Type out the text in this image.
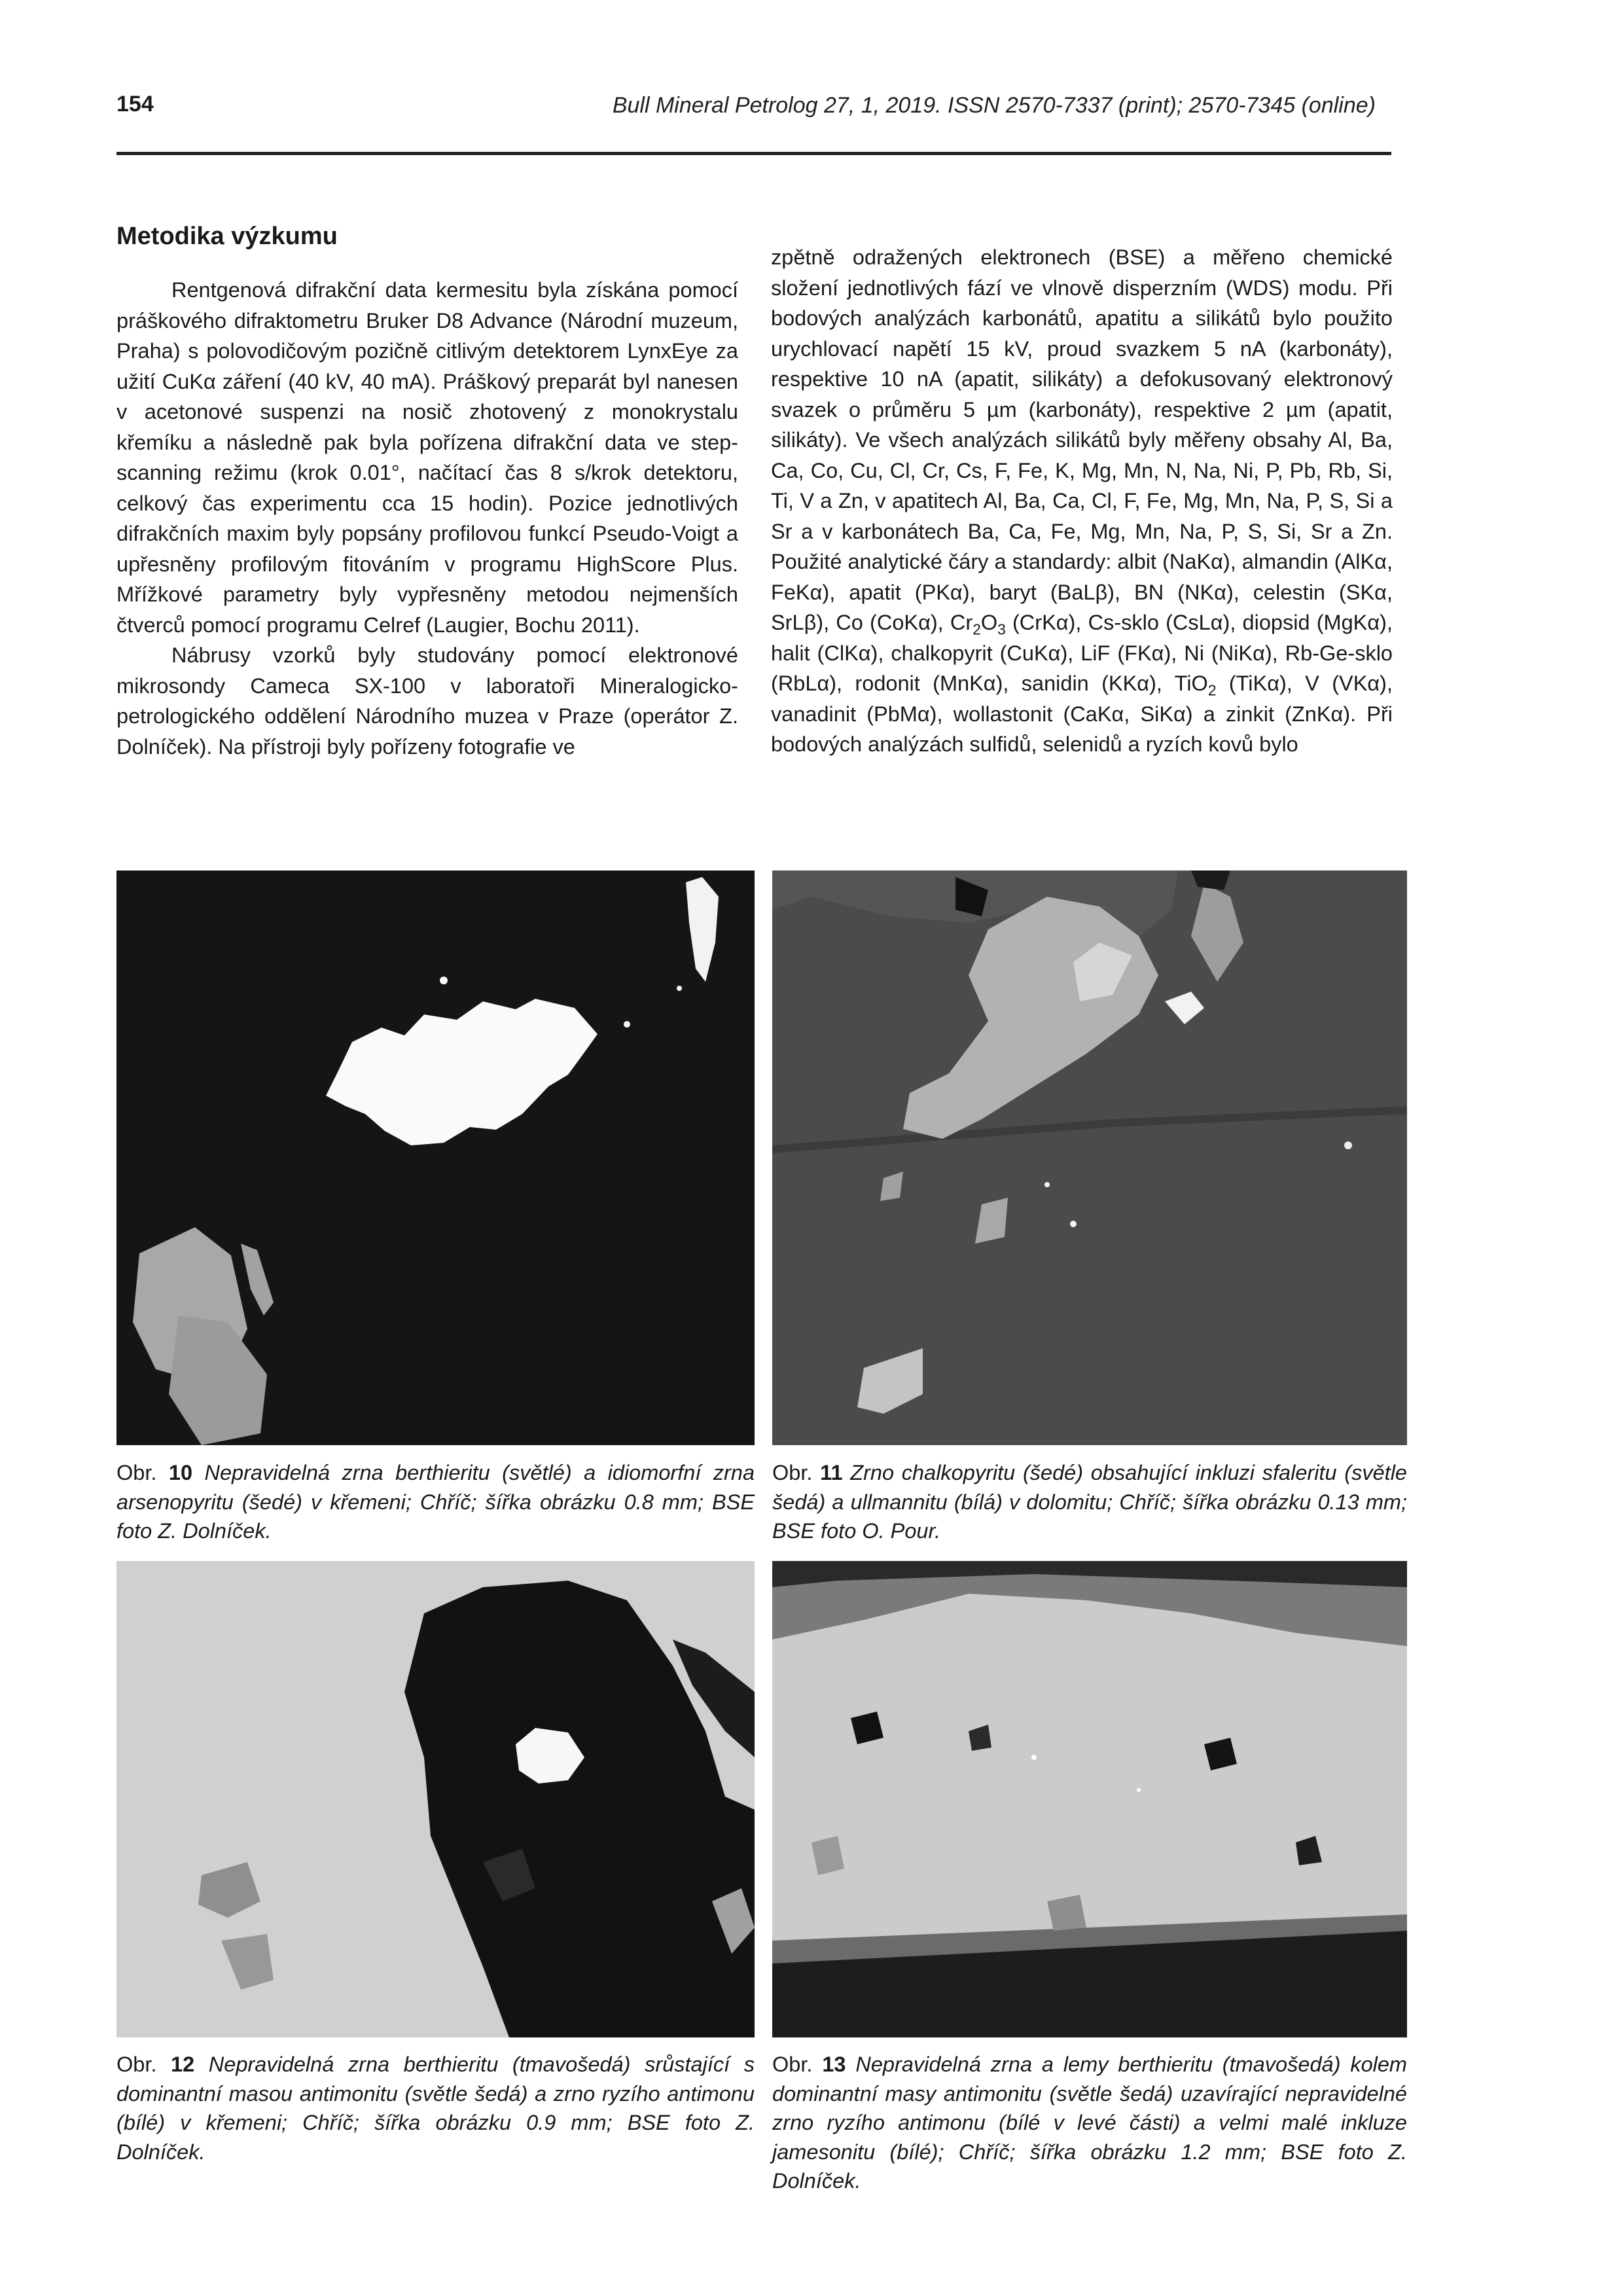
154	Bull Mineral Petrolog 27, 1, 2019. ISSN 2570-7337 (print); 2570-7345 (online)
Metodika výzkumu

Rentgenová difrakční data kermesitu byla získána pomocí práškového difraktometru Bruker D8 Advance (Národní muzeum, Praha) s polovodičovým pozičně citlivým detektorem LynxEye za užití CuKα záření (40 kV, 40 mA). Práškový preparát byl nanesen v acetonové suspenzi na nosič zhotovený z monokrystalu křemíku a následně pak byla pořízena difrakční data ve step-scanning režimu (krok 0.01°, načítací čas 8 s/krok detektoru, celkový čas experimentu cca 15 hodin). Pozice jednotlivých difrakčních maxim byly popsány profilovou funkcí Pseudo-Voigt a upřesněny profilovým fitováním v programu HighScore Plus. Mřížkové parametry byly vypřesněny metodou nejmenších čtverců pomocí programu Celref (Laugier, Bochu 2011).

Nábrusy vzorků byly studovány pomocí elektronové mikrosondy Cameca SX-100 v laboratoři Mineralogicko-petrologického oddělení Národního muzea v Praze (operátor Z. Dolníček). Na přístroji byly pořízeny fotografie ve

zpětně odražených elektronech (BSE) a měřeno chemické složení jednotlivých fází ve vlnově disperzním (WDS) modu. Při bodových analýzách karbonátů, apatitu a silikátů bylo použito urychlovací napětí 15 kV, proud svazkem 5 nA (karbonáty), respektive 10 nA (apatit, silikáty) a defokusovaný elektronový svazek o průměru 5 µm (karbonáty), respektive 2 µm (apatit, silikáty). Ve všech analýzách silikátů byly měřeny obsahy Al, Ba, Ca, Co, Cu, Cl, Cr, Cs, F, Fe, K, Mg, Mn, N, Na, Ni, P, Pb, Rb, Si, Ti, V a Zn, v apatitech Al, Ba, Ca, Cl, F, Fe, Mg, Mn, Na, P, S, Si a Sr a v karbonátech Ba, Ca, Fe, Mg, Mn, Na, P, S, Si, Sr a Zn. Použité analytické čáry a standardy: albit (NaKα), almandin (AlKα, FeKα), apatit (PKα), baryt (BaLβ), BN (NKα), celestin (SKα, SrLβ), Co (CoKα), $Cr_2O_3$ (CrKα), Cs-sklo (CsLα), diopsid (MgKα), halit (ClKα), chalkopyrit (CuKα), LiF (FKα), Ni (NiKα), Rb-Ge-sklo (RbLα), rodonit (MnKα), sanidin (KKα), TiO$_2$ (TiKα), V (VKα), vanadinit (PbMα), wollastonit (CaKα, SiKα) a zinkit (ZnKα). Při bodových analýzách sulfidů, selenidů a ryzích kovů bylo

Obr. 10 Nepravidelná zrna berthieritu (světlé) a idiomorfní zrna arsenopyritu (šedé) v křemeni; Chříč; šířka obrázku 0.8 mm; BSE foto Z. Dolníček.
Obr. 11 Zrno chalkopyritu (šedé) obsahující inkluzi sfaleritu (světle šedá) a ullmannitu (bílá) v dolomitu; Chříč; šířka obrázku 0.13 mm; BSE foto O. Pour.
Obr. 12 Nepravidelná zrna berthieritu (tmavošedá) srůstající s dominantní masou antimonitu (světle šedá) a zrno ryzího antimonu (bílé) v křemeni; Chříč; šířka obrázku 0.9 mm; BSE foto Z. Dolníček.
Obr. 13 Nepravidelná zrna a lemy berthieritu (tmavošedá) kolem dominantní masy antimonitu (světle šedá) uzavírající nepravidelné zrno ryzího antimonu (bílé v levé části) a velmi malé inkluze jamesonitu (bílé); Chříč; šířka obrázku 1.2 mm; BSE foto Z. Dolníček.
